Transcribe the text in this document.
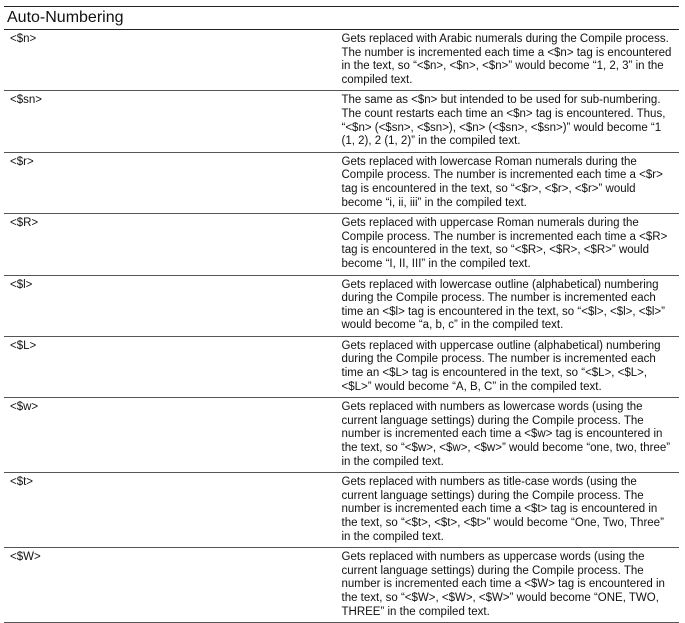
Auto-Numbering	
<$n>	Gets replaced with Arabic numerals during the Compile process. The number is incremented each time a <$n> tag is encountered in the text, so “<$n>, <$n>, <$n>” would become “1, 2, 3” in the compiled text.
<$sn>	The same as <$n> but intended to be used for sub-numbering. The count restarts each time an <$n> tag is encountered. Thus, “<$n> (<$sn>, <$sn>), <$n> (<$sn>, <$sn>)” would become “1 (1, 2), 2 (1, 2)” in the compiled text.
<$r>	Gets replaced with lowercase Roman numerals during the Compile process. The number is incremented each time a <$r> tag is encountered in the text, so “<$r>, <$r>, <$r>” would become “i, ii, iii” in the compiled text.
<$R>	Gets replaced with uppercase Roman numerals during the Compile process. The number is incremented each time a <$R> tag is encountered in the text, so “<$R>, <$R>, <$R>” would become “I, II, III” in the compiled text.
<$l>	Gets replaced with lowercase outline (alphabetical) numbering during the Compile process. The number is incremented each time an <$l> tag is encountered in the text, so “<$l>, <$l>, <$l>” would become “a, b, c” in the compiled text.
<$L>	Gets replaced with uppercase outline (alphabetical) numbering during the Compile process. The number is incremented each time an <$L> tag is encountered in the text, so “<$L>, <$L>, <$L>” would become “A, B, C” in the compiled text.
<$w>	Gets replaced with numbers as lowercase words (using the current language settings) during the Compile process. The number is incremented each time a <$w> tag is encountered in the text, so “<$w>, <$w>, <$w>” would become “one, two, three” in the compiled text.
<$t>	Gets replaced with numbers as title-case words (using the current language settings) during the Compile process. The number is incremented each time a <$t> tag is encountered in the text, so “<$t>, <$t>, <$t>” would become “One, Two, Three” in the compiled text.
<$W>	Gets replaced with numbers as uppercase words (using the current language settings) during the Compile process. The number is incremented each time a <$W> tag is encountered in the text, so “<$W>, <$W>, <$W>” would become “ONE, TWO, THREE” in the compiled text.
